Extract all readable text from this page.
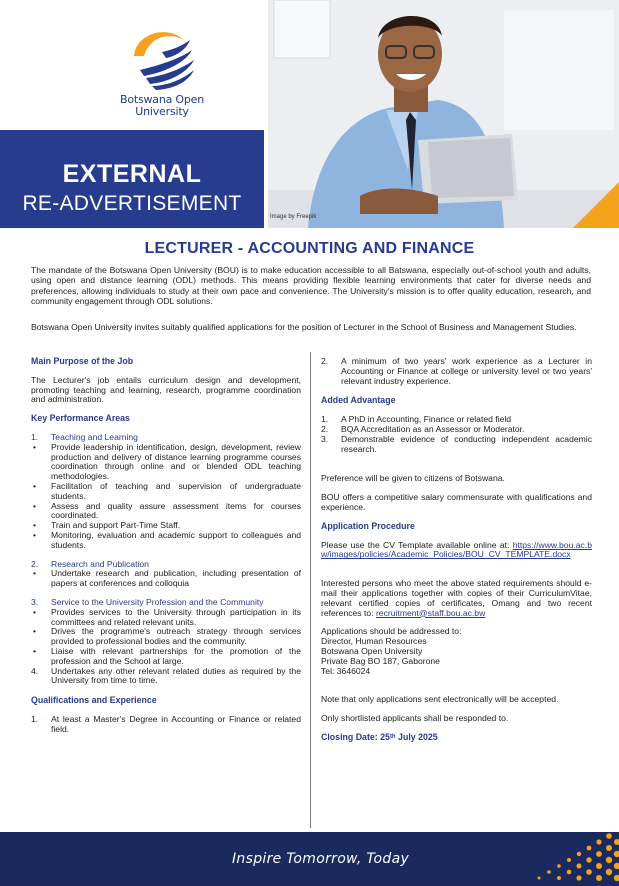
Botswana Open
University
EXTERNAL
RE-ADVERTISEMENT
Image by Freepik
LECTURER - ACCOUNTING AND FINANCE
The mandate of the Botswana Open University (BOU) is to make education accessible to all Batswana, especially out-of-school youth and adults, using open and distance learning (ODL) methods. This means providing flexible learning environments that cater for diverse needs and preferences, allowing individuals to study at their own pace and convenience. The University's mission is to offer quality education, research, and community engagement through ODL solutions.
Botswana Open University invites suitably qualified applications for the position of Lecturer in the School of Business and Management Studies.
Main Purpose of the Job
The Lecturer's job entails curriculum design and development, promoting teaching and learning, research, programme coordination and administration.
Key Performance Areas
1. Teaching and Learning
• Provide leadership in identification, design, development, review production and delivery of distance learning programme courses coordination through online and or blended ODL teaching methodologies.
• Facilitation of teaching and supervision of undergraduate students.
• Assess and quality assure assessment items for courses coordinated.
• Train and support Part-Time Staff.
• Monitoring, evaluation and academic support to colleagues and students.
2. Research and Publication
• Undertake research and publication, including presentation of papers at conferences and colloquia
3. Service to the University Profession and the Community
• Provides services to the University through participation in its committees and related relevant units.
• Drives the programme's outreach strategy through services provided to professional bodies and the community.
• Liaise with relevant partnerships for the promotion of the profession and the School at large.
4. Undertakes any other relevant related duties as required by the University from time to time.
Qualifications and Experience
1. At least a Master's Degree in Accounting or Finance or related field.
2. A minimum of two years' work experience as a Lecturer in Accounting or Finance at college or university level or two years' relevant industry experience.
Added Advantage
1. A PhD in Accounting, Finance or related field
2. BQA Accreditation as an Assessor or Moderator.
3. Demonstrable evidence of conducting independent academic research.
Preference will be given to citizens of Botswana.
BOU offers a competitive salary commensurate with qualifications and experience.
Application Procedure
Please use the CV Template available online at: https://www.bou.ac.bw/images/policies/Academic_Policies/BOU_CV_TEMPLATE.docx
Interested persons who meet the above stated requirements should e-mail their applications together with copies of their CurriculumVitae, relevant certified copies of certificates, Omang and two recent references to: recruitment@staff.bou.ac.bw
Applications should be addressed to:
Director, Human Resources
Botswana Open University
Private Bag BO 187, Gaborone
Tel: 3646024
Note that only applications sent electronically will be accepted.
Only shortlisted applicants shall be responded to.
Closing Date: 25th July 2025
Inspire Tomorrow, Today
